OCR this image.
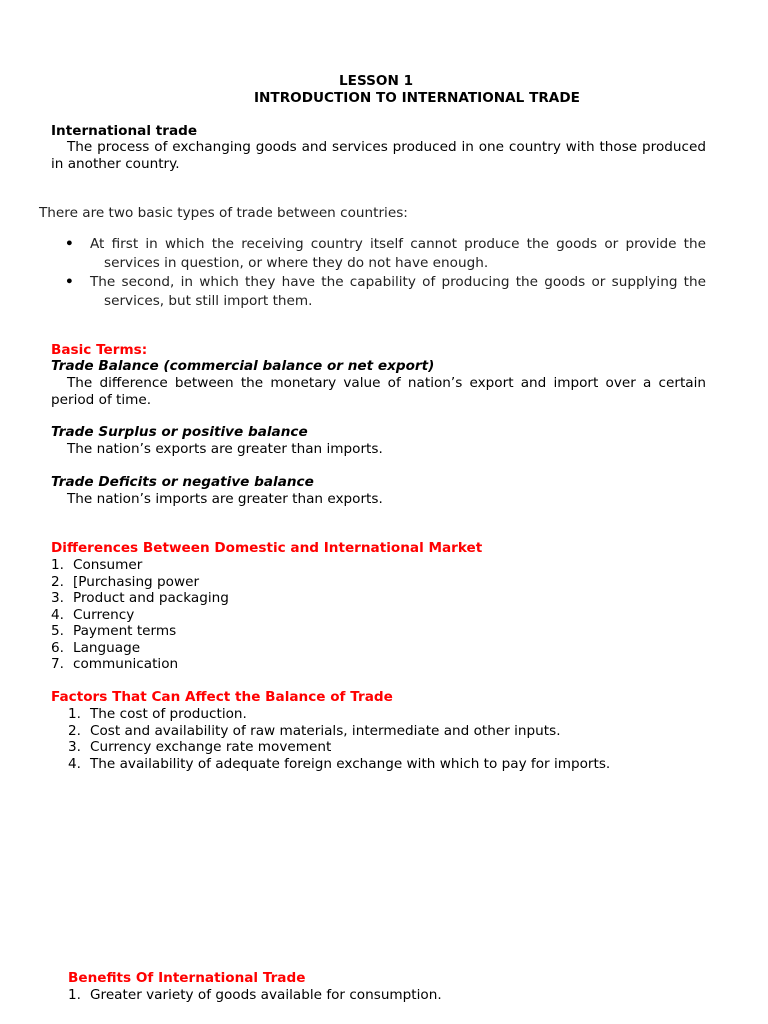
LESSON 1
INTRODUCTION TO INTERNATIONAL TRADE
International trade

The process of exchanging goods and services produced in one country with those produced in another country.

There are two basic types of trade between countries:
• At first in which the receiving country itself cannot produce the goods or provide the services in question, or where they do not have enough.
• The second, in which they have the capability of producing the goods or supplying the services, but still import them.
Basic Terms:
Trade Balance (commercial balance or net export)

The difference between the monetary value of nation’s export and import over a certain period of time.

Trade Surplus or positive balance

The nation’s exports are greater than imports.

Trade Deficits or negative balance

The nation’s imports are greater than exports.

Differences Between Domestic and International Market
1. Consumer
2. [Purchasing power
3. Product and packaging
4. Currency
5. Payment terms
6. Language
7. communication
Factors That Can Affect the Balance of Trade
1. The cost of production.
2. Cost and availability of raw materials, intermediate and other inputs.
3. Currency exchange rate movement
4. The availability of adequate foreign exchange with which to pay for imports.
Benefits Of International Trade
1. Greater variety of goods available for consumption.
